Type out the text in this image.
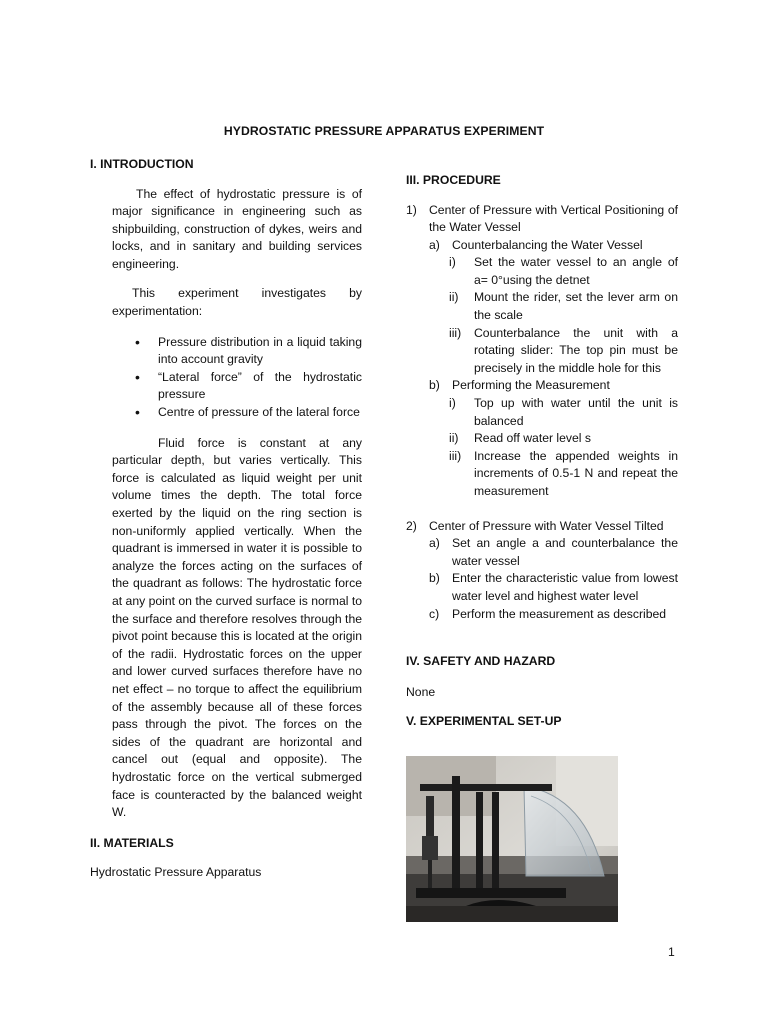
HYDROSTATIC PRESSURE APPARATUS EXPERIMENT

I. INTRODUCTION

The effect of hydrostatic pressure is of major significance in engineering such as shipbuilding, construction of dykes, weirs and locks, and in sanitary and building services engineering.

This experiment investigates by experimentation:

• Pressure distribution in a liquid taking into account gravity
• “Lateral force” of the hydrostatic pressure
• Centre of pressure of the lateral force

Fluid force is constant at any particular depth, but varies vertically. This force is calculated as liquid weight per unit volume times the depth. The total force exerted by the liquid on the ring section is non-uniformly applied vertically. When the quadrant is immersed in water it is possible to analyze the forces acting on the surfaces of the quadrant as follows: The hydrostatic force at any point on the curved surface is normal to the surface and therefore resolves through the pivot point because this is located at the origin of the radii. Hydrostatic forces on the upper and lower curved surfaces therefore have no net effect – no torque to affect the equilibrium of the assembly because all of these forces pass through the pivot. The forces on the sides of the quadrant are horizontal and cancel out (equal and opposite). The hydrostatic force on the vertical submerged face is counteracted by the balanced weight W.

II. MATERIALS

Hydrostatic Pressure Apparatus

III. PROCEDURE

1) Center of Pressure with Vertical Positioning of the Water Vessel
a) Counterbalancing the Water Vessel
i) Set the water vessel to an angle of a= 0°using the detnet
ii) Mount the rider, set the lever arm on the scale
iii) Counterbalance the unit with a rotating slider: The top pin must be precisely in the middle hole for this
b) Performing the Measurement
i) Top up with water until the unit is balanced
ii) Read off water level s
iii) Increase the appended weights in increments of 0.5-1 N and repeat the measurement
2) Center of Pressure with Water Vessel Tilted
a) Set an angle a and counterbalance the water vessel
b) Enter the characteristic value from lowest water level and highest water level
c) Perform the measurement as described

IV. SAFETY AND HAZARD

None

V. EXPERIMENTAL SET-UP

1
